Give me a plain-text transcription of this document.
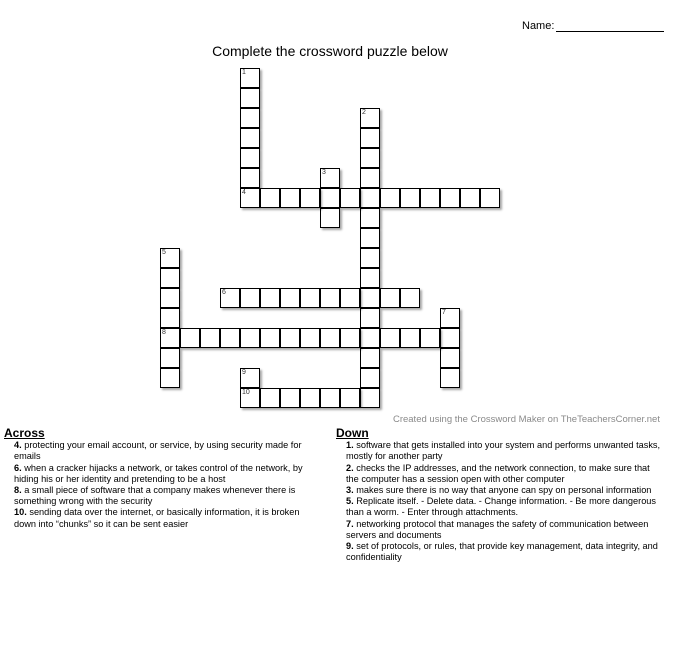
Name:
Complete the crossword puzzle below
1
4
2
3
5
8
6
7
9
10
Created using the Crossword Maker on TheTeachersCorner.net
Across
4. protecting your email account, or service, by using security made for emails
6. when a cracker hijacks a network, or takes control of the network, by hiding his or her identity and pretending to be a host
8. a small piece of software that a company makes whenever there is something wrong with the security
10. sending data over the internet, or basically information, it is broken down into “chunks” so it can be sent easier
Down
1. software that gets installed into your system and performs unwanted tasks, mostly for another party
2. checks the IP addresses, and the network connection, to make sure that the computer has a session open with other computer
3. makes sure there is no way that anyone can spy on personal information
5. Replicate itself. - Delete data. - Change information. - Be more dangerous than a worm. - Enter through attachments.
7. networking protocol that manages the safety of communication between servers and documents
9. set of protocols, or rules, that provide key management, data integrity, and confidentiality
